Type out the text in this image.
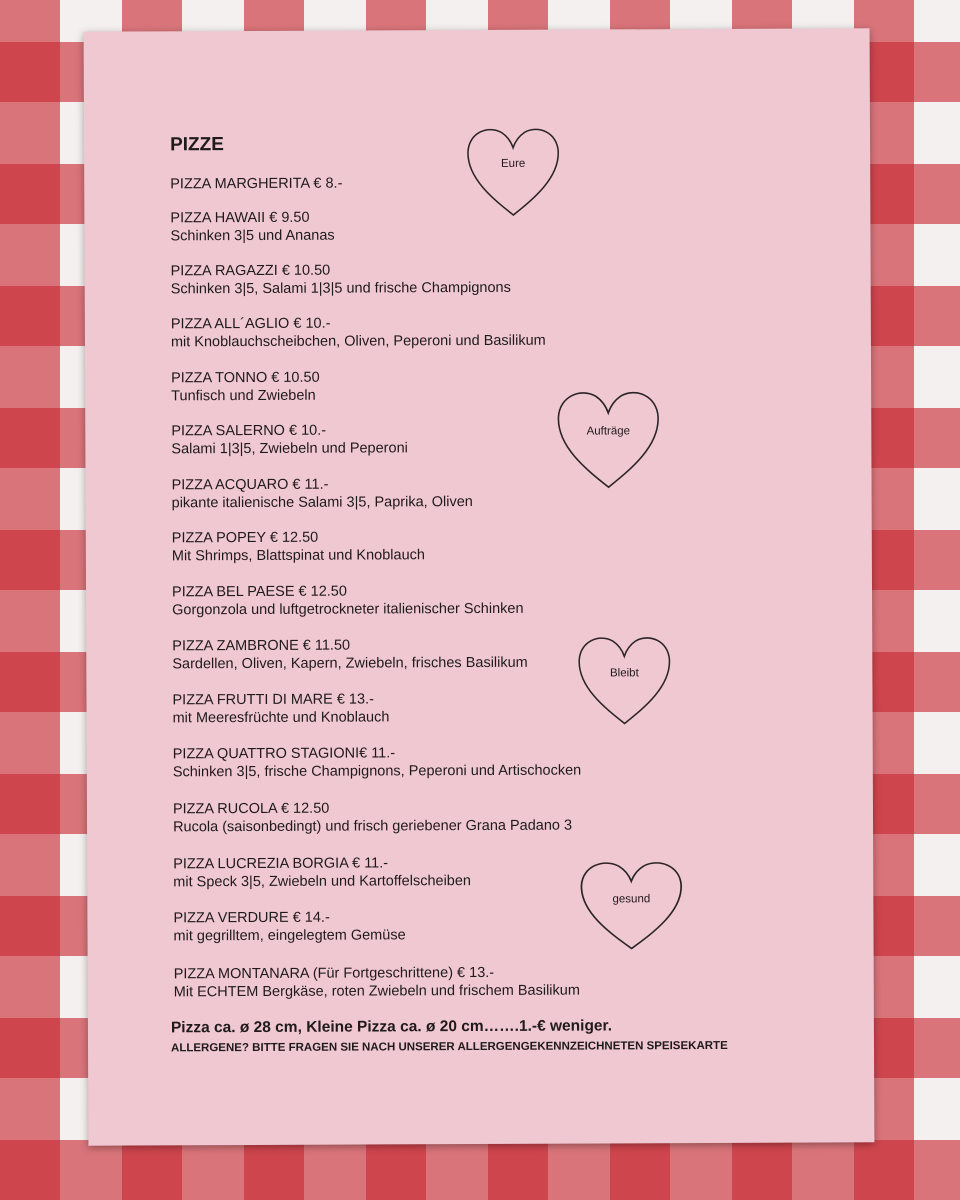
PIZZE
PIZZA MARGHERITA € 8.-
PIZZA HAWAII € 9.50
Schinken 3|5 und Ananas
PIZZA RAGAZZI € 10.50
Schinken 3|5, Salami 1|3|5 und frische Champignons
PIZZA ALL´AGLIO € 10.-
mit Knoblauchscheibchen, Oliven, Peperoni und Basilikum
PIZZA TONNO € 10.50
Tunfisch und Zwiebeln
PIZZA SALERNO € 10.-
Salami 1|3|5, Zwiebeln und Peperoni
PIZZA ACQUARO € 11.-
pikante italienische Salami 3|5, Paprika, Oliven
PIZZA POPEY € 12.50
Mit Shrimps, Blattspinat und Knoblauch
PIZZA BEL PAESE € 12.50
Gorgonzola und luftgetrockneter italienischer Schinken
PIZZA ZAMBRONE € 11.50
Sardellen, Oliven, Kapern, Zwiebeln, frisches Basilikum
PIZZA FRUTTI DI MARE € 13.-
mit Meeresfrüchte und Knoblauch
PIZZA QUATTRO STAGIONI€ 11.-
Schinken 3|5, frische Champignons, Peperoni und Artischocken
PIZZA RUCOLA € 12.50
Rucola (saisonbedingt) und frisch geriebener Grana Padano 3
PIZZA LUCREZIA BORGIA € 11.-
mit Speck 3|5, Zwiebeln und Kartoffelscheiben
PIZZA VERDURE € 14.-
mit gegrilltem, eingelegtem Gemüse
PIZZA MONTANARA (Für Fortgeschrittene) € 13.-
Mit ECHTEM Bergkäse, roten Zwiebeln und frischem Basilikum
Pizza ca. ø 28 cm, Kleine Pizza ca. ø 20 cm…….1.-€ weniger.
ALLERGENE? BITTE FRAGEN SIE NACH UNSERER ALLERGENGEKENNZEICHNETEN SPEISEKARTE
Eure
Aufträge
Bleibt
gesund
